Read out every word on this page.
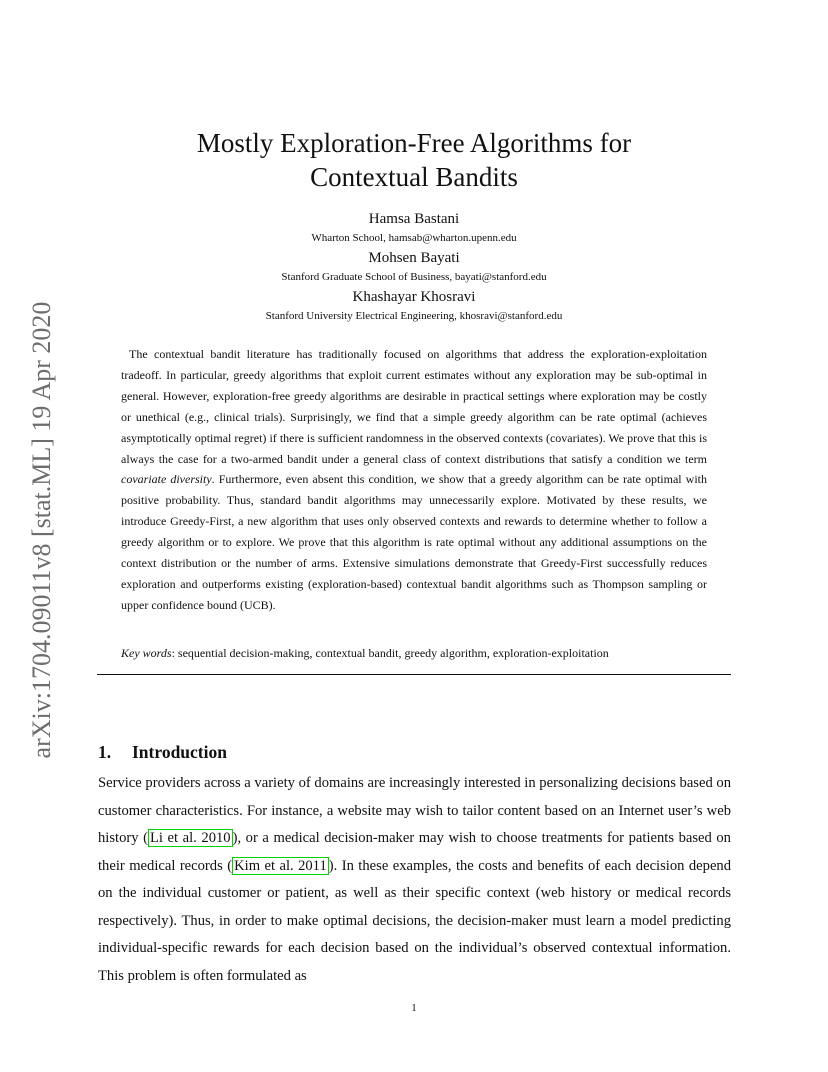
arXiv:1704.09011v8 [stat.ML] 19 Apr 2020
Mostly Exploration-Free Algorithms for
Contextual Bandits
Hamsa Bastani
Wharton School, hamsab@wharton.upenn.edu
Mohsen Bayati
Stanford Graduate School of Business, bayati@stanford.edu
Khashayar Khosravi
Stanford University Electrical Engineering, khosravi@stanford.edu

The contextual bandit literature has traditionally focused on algorithms that address the exploration-exploitation tradeoff. In particular, greedy algorithms that exploit current estimates without any exploration may be sub-optimal in general. However, exploration-free greedy algorithms are desirable in practical settings where exploration may be costly or unethical (e.g., clinical trials). Surprisingly, we find that a simple greedy algorithm can be rate optimal (achieves asymptotically optimal regret) if there is sufficient randomness in the observed contexts (covariates). We prove that this is always the case for a two-armed bandit under a general class of context distributions that satisfy a condition we term covariate diversity. Furthermore, even absent this condition, we show that a greedy algorithm can be rate optimal with positive probability. Thus, standard bandit algorithms may unnecessarily explore. Motivated by these results, we introduce Greedy-First, a new algorithm that uses only observed contexts and rewards to determine whether to follow a greedy algorithm or to explore. We prove that this algorithm is rate optimal without any additional assumptions on the context distribution or the number of arms. Extensive simulations demonstrate that Greedy-First successfully reduces exploration and outperforms existing (exploration-based) contextual bandit algorithms such as Thompson sampling or upper confidence bound (UCB).

Key words: sequential decision-making, contextual bandit, greedy algorithm, exploration-exploitation
1. Introduction

Service providers across a variety of domains are increasingly interested in personalizing decisions based on customer characteristics. For instance, a website may wish to tailor content based on an Internet user’s web history ( Li et al. 2010 ), or a medical decision-maker may wish to choose treatments for patients based on their medical records ( Kim et al. 2011 ). In these examples, the costs and benefits of each decision depend on the individual customer or patient, as well as their specific context (web history or medical records respectively). Thus, in order to make optimal decisions, the decision-maker must learn a model predicting individual-specific rewards for each decision based on the individual’s observed contextual information. This problem is often formulated as

1
